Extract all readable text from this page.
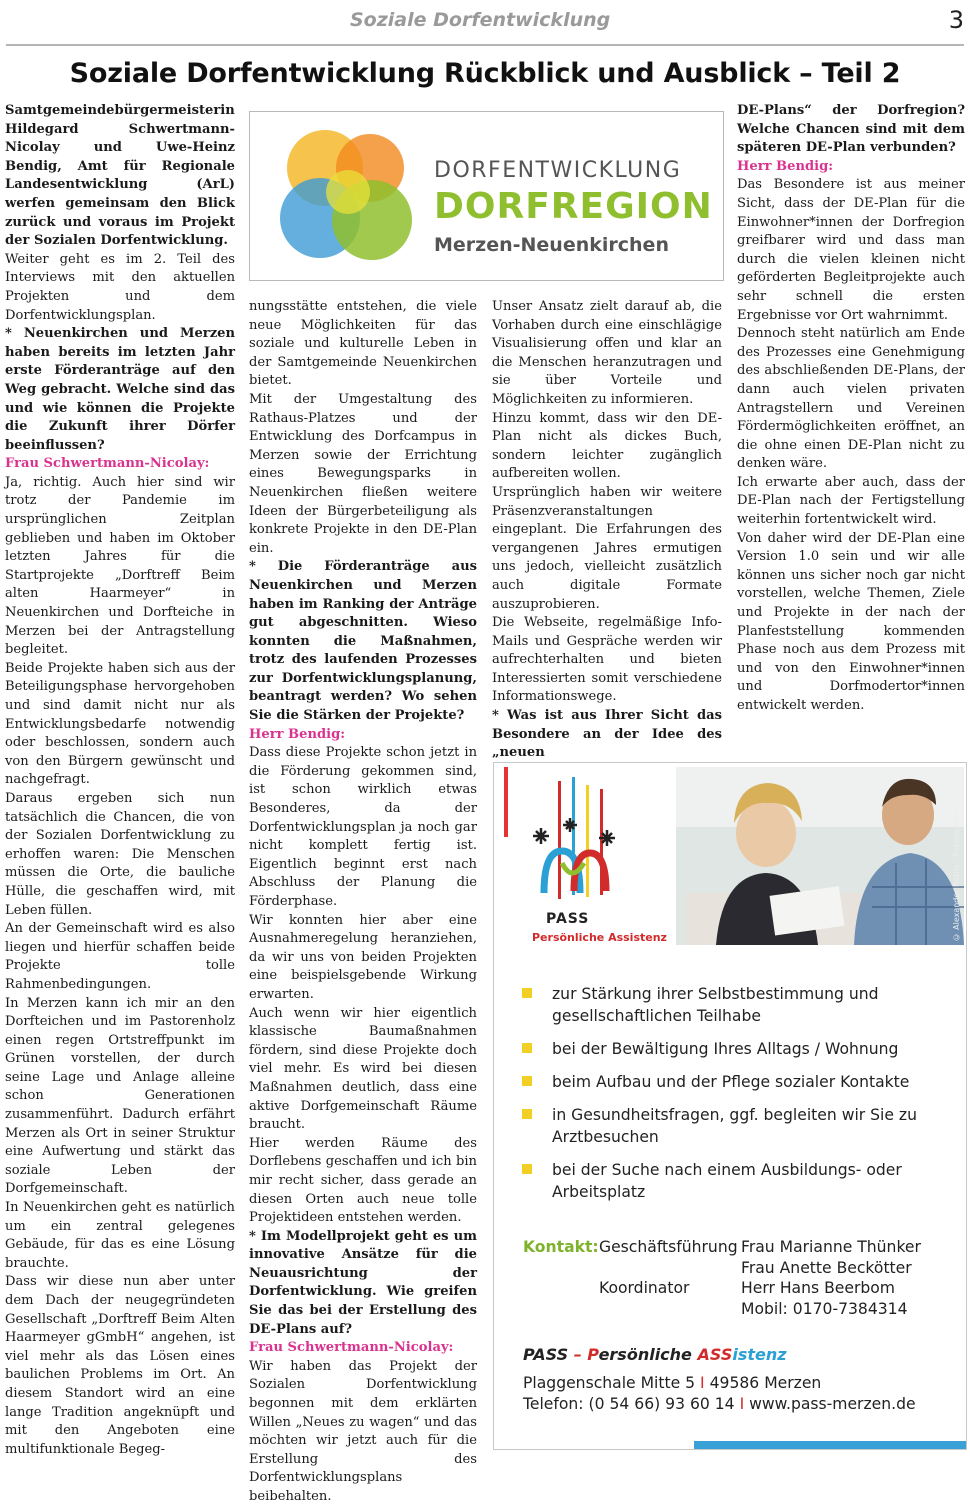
Soziale Dorfentwicklung	3
Soziale Dorfentwicklung Rückblick und Ausblick – Teil 2

Samtgemeindebürgermeisterin Hildegard Schwertmann-Nicolay und Uwe-Heinz Bendig, Amt für Regionale Landesentwicklung (ArL) werfen gemeinsam den Blick zurück und voraus im Projekt der Sozialen Dorfentwicklung.

Weiter geht es im 2. Teil des Interviews mit den aktuellen Projekten und dem Dorfentwicklungsplan.

* Neuenkirchen und Merzen haben bereits im letzten Jahr erste Förderanträge auf den Weg gebracht. Welche sind das und wie können die Projekte die Zukunft ihrer Dörfer beeinflussen?

Frau Schwertmann-Nicolay:

Ja, richtig. Auch hier sind wir trotz der Pandemie im ursprünglichen Zeitplan geblieben und haben im Oktober letzten Jahres für die Startprojekte „Dorftreff Beim alten Haarmeyer“ in Neuenkirchen und Dorfteiche in Merzen bei der Antragstellung begleitet.

Beide Projekte haben sich aus der Beteiligungsphase hervorgehoben und sind damit nicht nur als Entwicklungsbedarfe notwendig oder beschlossen, sondern auch von den Bürgern gewünscht und nachgefragt.

Daraus ergeben sich nun tatsächlich die Chancen, die von der Sozialen Dorfentwicklung zu erhoffen waren: Die Menschen müssen die Orte, die bauliche Hülle, die geschaffen wird, mit Leben füllen.

An der Gemeinschaft wird es also liegen und hierfür schaffen beide Projekte tolle Rahmenbedingungen.

In Merzen kann ich mir an den Dorfteichen und im Pastorenholz einen regen Ortstreffpunkt im Grünen vorstellen, der durch seine Lage und Anlage alleine schon Generationen zusammenführt. Dadurch erfährt Merzen als Ort in seiner Struktur eine Aufwertung und stärkt das soziale Leben der Dorfgemeinschaft.

In Neuenkirchen geht es natürlich um ein zentral gelegenes Gebäude, für das es eine Lösung brauchte.

Dass wir diese nun aber unter dem Dach der neugegründeten Gesellschaft „Dorftreff Beim Alten Haarmeyer gGmbH“ angehen, ist viel mehr als das Lösen eines baulichen Problems im Ort. An diesem Standort wird an eine lange Tradition angeknüpft und mit den Angeboten eine multifunktionale Begeg-

DORFENTWICKLUNG
DORFREGION
Merzen-Neuenkirchen

nungsstätte entstehen, die viele neue Möglichkeiten für das soziale und kulturelle Leben in der Samtgemeinde Neuenkirchen bietet.

Mit der Umgestaltung des Rathaus-Platzes und der Entwicklung des Dorfcampus in Merzen sowie der Errichtung eines Bewegungsparks in Neuenkirchen fließen weitere Ideen der Bürgerbeteiligung als konkrete Projekte in den DE-Plan ein.

* Die Förderanträge aus Neuenkirchen und Merzen haben im Ranking der Anträge gut abgeschnitten. Wieso konnten die Maßnahmen, trotz des laufenden Prozesses zur Dorfentwicklungsplanung, beantragt werden? Wo sehen Sie die Stärken der Projekte?

Herr Bendig:

Dass diese Projekte schon jetzt in die Förderung gekommen sind, ist schon wirklich etwas Besonderes, da der Dorfentwicklungsplan ja noch gar nicht komplett fertig ist. Eigentlich beginnt erst nach Abschluss der Planung die Förderphase.

Wir konnten hier aber eine Ausnahmeregelung heranziehen, da wir uns von beiden Projekten eine beispielsgebende Wirkung erwarten.

Auch wenn wir hier eigentlich klassische Baumaßnahmen fördern, sind diese Projekte doch viel mehr. Es wird bei diesen Maßnahmen deutlich, dass eine aktive Dorfgemeinschaft Räume braucht.

Hier werden Räume des Dorflebens geschaffen und ich bin mir recht sicher, dass gerade an diesen Orten auch neue tolle Projektideen entstehen werden.

* Im Modellprojekt geht es um innovative Ansätze für die Neuausrichtung der Dorfentwicklung. Wie greifen Sie das bei der Erstellung des DE-Plans auf?

Frau Schwertmann-Nicolay:

Wir haben das Projekt der Sozialen Dorfentwicklung begonnen mit dem erklärten Willen „Neues zu wagen“ und das möchten wir jetzt auch für die Erstellung des Dorfentwicklungsplans beibehalten.

Unser Ansatz zielt darauf ab, die Vorhaben durch eine einschlägige Visualisierung offen und klar an die Menschen heranzutragen und sie über Vorteile und Möglichkeiten zu informieren.

Hinzu kommt, dass wir den DE-Plan nicht als dickes Buch, sondern leichter zugänglich aufbereiten wollen.

Ursprünglich haben wir weitere Präsenzveranstaltungen eingeplant. Die Erfahrungen des vergangenen Jahres ermutigen uns jedoch, vielleicht zusätzlich auch digitale Formate auszuprobieren.

Die Webseite, regelmäßige Info-Mails und Gespräche werden wir aufrechterhalten und bieten Interessierten somit verschiedene Informationswege.

* Was ist aus Ihrer Sicht das Besondere an der Idee des „neuen

DE-Plans“ der Dorfregion? Welche Chancen sind mit dem späteren DE-Plan verbunden?

Herr Bendig:

Das Besondere ist aus meiner Sicht, dass der DE-Plan für die Einwohner*innen der Dorfregion greifbarer wird und dass man durch die vielen kleinen nicht geförderten Begleitprojekte auch sehr schnell die ersten Ergebnisse vor Ort wahrnimmt.

Dennoch steht natürlich am Ende des Prozesses eine Genehmigung des abschließenden DE-Plans, der dann auch vielen privaten Antragstellern und Vereinen Fördermöglichkeiten eröffnet, an die ohne einen DE-Plan nicht zu denken wäre.

Ich erwarte aber auch, dass der DE-Plan nach der Fertigstellung weiterhin fortentwickelt wird.

Von daher wird der DE-Plan eine Version 1.0 sein und wir alle können uns sicher noch gar nicht vorstellen, welche Themen, Ziele und Projekte in der nach der Planfeststellung kommenden Phase noch aus dem Prozess mit und von den Einwohner*innen und Dorfmodertor*innen entwickelt werden.

PASS
Persönliche Assistenz	© Alexander Raths - Fotolia.com
zur Stärkung ihrer Selbstbestimmung und gesellschaftlichen Teilhabe
bei der Bewältigung Ihres Alltags / Wohnung
beim Aufbau und der Pflege sozialer Kontakte
in Gesundheitsfragen, ggf. begleiten wir Sie zu Arztbesuchen
bei der Suche nach einem Ausbildungs- oder Arbeitsplatz
Kontakt: Geschäftsführung Frau Marianne Thünker
Frau Anette Beckötter
Koordinator	Herr Hans Beerbom
Mobil: 0170-7384314
PASS – Persönliche ASSistenz
Plaggenschale Mitte 5 I 49586 Merzen
Telefon: (0 54 66) 93 60 14 I www.pass-merzen.de
